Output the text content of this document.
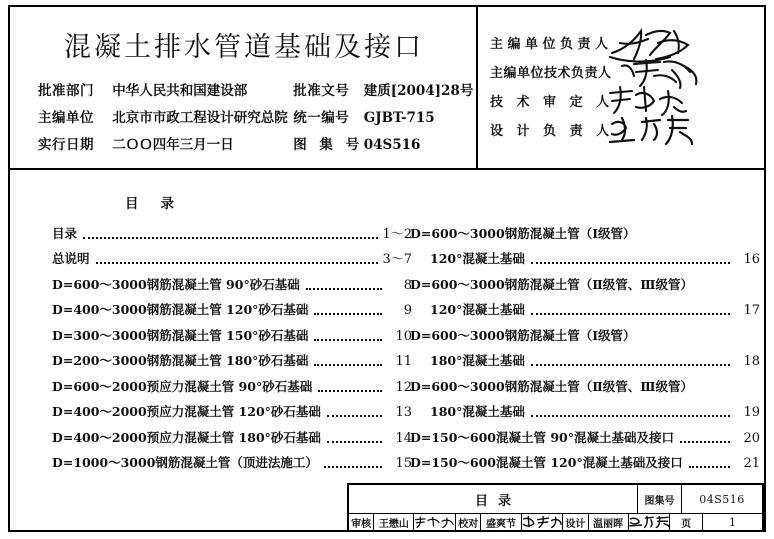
混凝土排水管道基础及接口
批准部门	中华人民共和国建设部	批准文号	建质[2004]28号
主编单位	北京市市政工程设计研究总院 统一编号	GJBT-715
实行日期	二ＯＯ四年三月一日	图 集 号 04S516
主编单位负责人
主编单位技术负责人
技 术 审 定 人
设 计 负 责 人
目录
目录	1～2
总说明	3～7
D=600～3000钢筋混凝土管 90°砂石基础	8
D=400～3000钢筋混凝土管 120°砂石基础	9
D=300～3000钢筋混凝土管 150°砂石基础	10
D=200～3000钢筋混凝土管 180°砂石基础	11
D=600～2000预应力混凝土管 90°砂石基础	12
D=400～2000预应力混凝土管 120°砂石基础	13
D=400～2000预应力混凝土管 180°砂石基础	14
D=1000～3000钢筋混凝土管（顶进法施工）	15
D=600～3000钢筋混凝土管（Ⅰ级管）
120°混凝土基础	16
D=600～3000钢筋混凝土管（Ⅱ级管、Ⅲ级管）
120°混凝土基础	17
D=600～3000钢筋混凝土管（Ⅰ级管）
180°混凝土基础	18
D=600～3000钢筋混凝土管（Ⅱ级管、Ⅲ级管）
180°混凝土基础	19
D=150～600混凝土管 90°混凝土基础及接口	20
D=150～600混凝土管 120°混凝土基础及接口	21
目录	图集号	04S516
审核 王懋山	校对 盛爽节	设计 温丽晖	页	1
